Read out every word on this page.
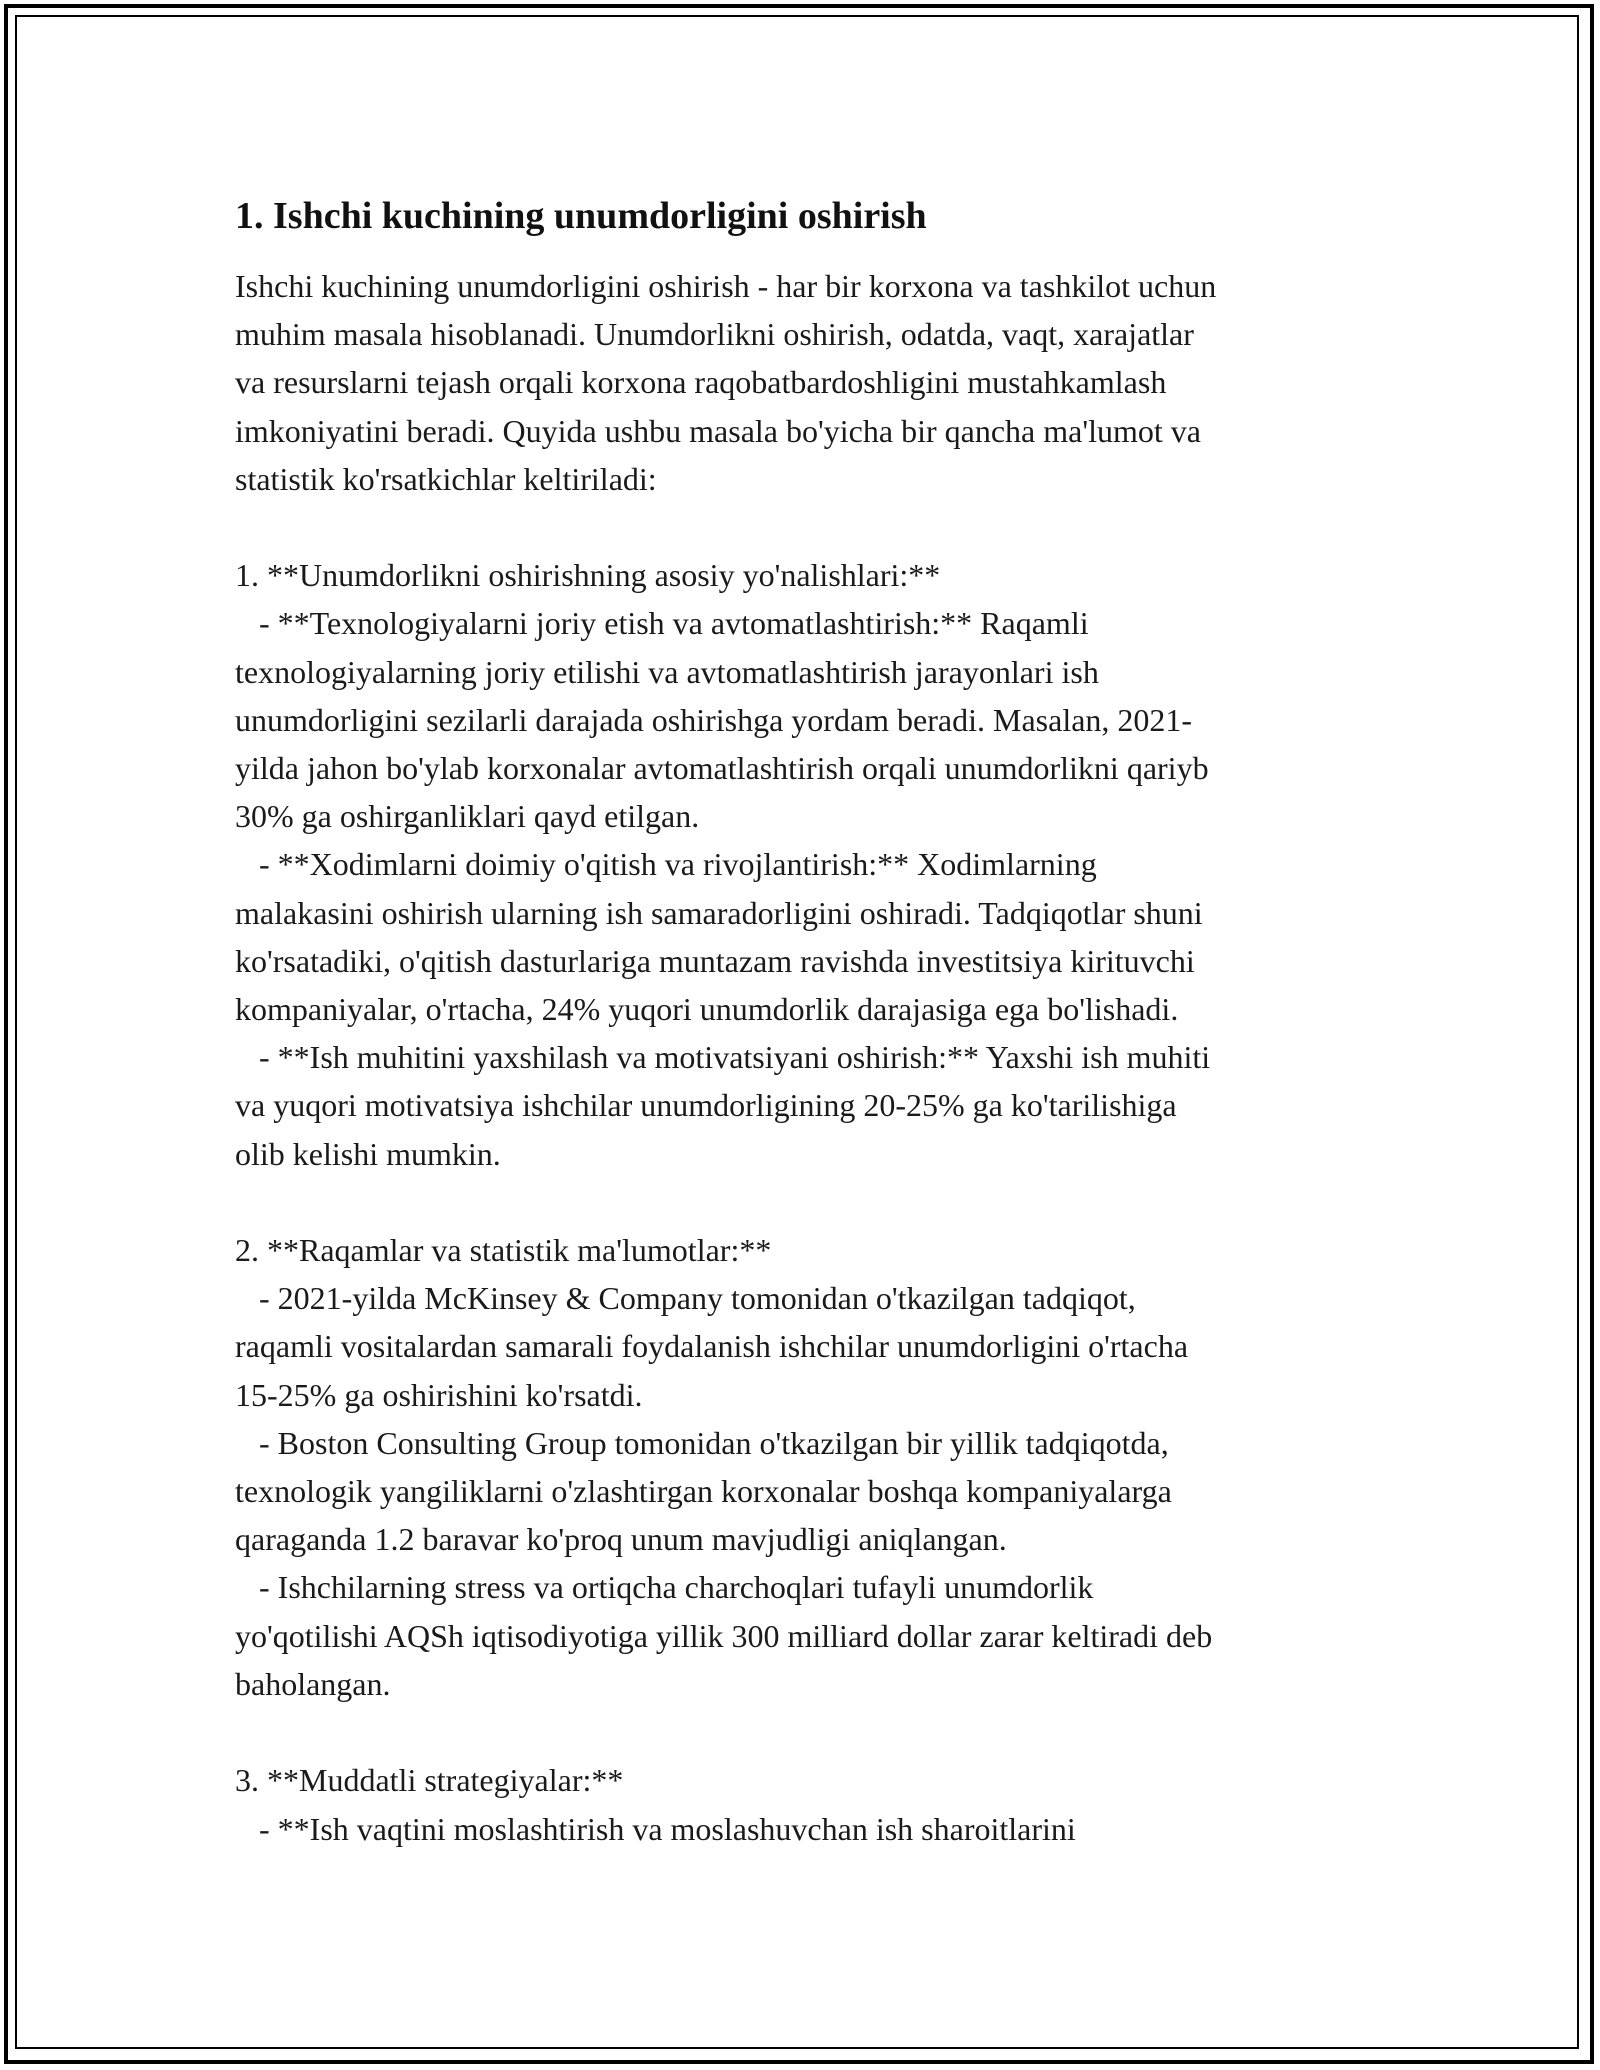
1. Ishchi kuchining unumdorligini oshirish

Ishchi kuchining unumdorligini oshirish - har bir korxona va tashkilot uchun
muhim masala hisoblanadi. Unumdorlikni oshirish, odatda, vaqt, xarajatlar
va resurslarni tejash orqali korxona raqobatbardoshligini mustahkamlash
imkoniyatini beradi. Quyida ushbu masala bo'yicha bir qancha ma'lumot va
statistik ko'rsatkichlar keltiriladi:

1. **Unumdorlikni oshirishning asosiy yo'nalishlari:**
- **Texnologiyalarni joriy etish va avtomatlashtirish:** Raqamli
texnologiyalarning joriy etilishi va avtomatlashtirish jarayonlari ish
unumdorligini sezilarli darajada oshirishga yordam beradi. Masalan, 2021-
yilda jahon bo'ylab korxonalar avtomatlashtirish orqali unumdorlikni qariyb
30% ga oshirganliklari qayd etilgan.
- **Xodimlarni doimiy o'qitish va rivojlantirish:** Xodimlarning
malakasini oshirish ularning ish samaradorligini oshiradi. Tadqiqotlar shuni
ko'rsatadiki, o'qitish dasturlariga muntazam ravishda investitsiya kirituvchi
kompaniyalar, o'rtacha, 24% yuqori unumdorlik darajasiga ega bo'lishadi.
- **Ish muhitini yaxshilash va motivatsiyani oshirish:** Yaxshi ish muhiti
va yuqori motivatsiya ishchilar unumdorligining 20-25% ga ko'tarilishiga
olib kelishi mumkin.

2. **Raqamlar va statistik ma'lumotlar:**
- 2021-yilda McKinsey & Company tomonidan o'tkazilgan tadqiqot,
raqamli vositalardan samarali foydalanish ishchilar unumdorligini o'rtacha
15-25% ga oshirishini ko'rsatdi.
- Boston Consulting Group tomonidan o'tkazilgan bir yillik tadqiqotda,
texnologik yangiliklarni o'zlashtirgan korxonalar boshqa kompaniyalarga
qaraganda 1.2 baravar ko'proq unum mavjudligi aniqlangan.
- Ishchilarning stress va ortiqcha charchoqlari tufayli unumdorlik
yo'qotilishi AQSh iqtisodiyotiga yillik 300 milliard dollar zarar keltiradi deb
baholangan.

3. **Muddatli strategiyalar:**
- **Ish vaqtini moslashtirish va moslashuvchan ish sharoitlarini
